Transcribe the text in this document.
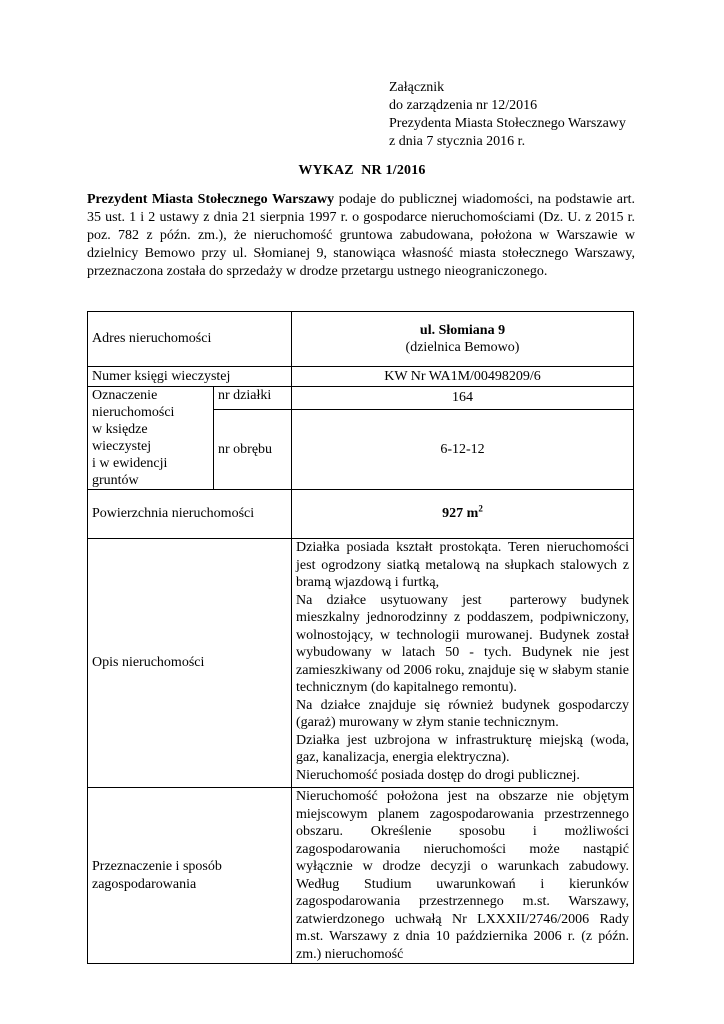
Załącznik
do zarządzenia nr 12/2016
Prezydenta Miasta Stołecznego Warszawy
z dnia 7 stycznia 2016 r.
WYKAZ  NR 1/2016
Prezydent Miasta Stołecznego Warszawy podaje do publicznej wiadomości, na podstawie art. 35 ust. 1 i 2 ustawy z dnia 21 sierpnia 1997 r. o gospodarce nieruchomościami (Dz. U. z 2015 r. poz. 782 z późn. zm.), że nieruchomość gruntowa zabudowana, położona w Warszawie w dzielnicy Bemowo przy ul. Słomianej 9, stanowiąca własność miasta stołecznego Warszawy, przeznaczona została do sprzedaży w drodze przetargu ustnego nieograniczonego.
Adres nieruchomości		ul. Słomiana 9
(dzielnica Bemowo)

Numer księgi wieczystej		KW Nr WA1M/00498209/6

Oznaczenie
nieruchomości
w księdze wieczystej
i w ewidencji
gruntów	nr działki	164
	nr obrębu	6-12-12
Powierzchnia nieruchomości		927 $m^2$
Opis nieruchomości		Działka posiada kształt prostokąta. Teren nieruchomości jest ogrodzony siatką metalową na słupkach stalowych z bramą wjazdową i furtką,
Na działce usytuowany jest  parterowy budynek mieszkalny jednorodzinny z poddaszem, podpiwniczony, wolnostojący, w technologii murowanej. Budynek został wybudowany w latach 50 - tych. Budynek nie jest zamieszkiwany od 2006 roku, znajduje się w słabym stanie technicznym (do kapitalnego remontu).
Na działce znajduje się również budynek gospodarczy (garaż) murowany w złym stanie technicznym.
Działka jest uzbrojona w infrastrukturę miejską (woda, gaz, kanalizacja, energia elektryczna).
Nieruchomość posiada dostęp do drogi publicznej.

Przeznaczenie i sposób
zagospodarowania		Nieruchomość położona jest na obszarze nie objętym miejscowym planem zagospodarowania przestrzennego obszaru. Określenie sposobu i możliwości zagospodarowania nieruchomości może nastąpić wyłącznie w drodze decyzji o warunkach zabudowy. Według Studium uwarunkowań i kierunków zagospodarowania przestrzennego m.st. Warszawy, zatwierdzonego uchwałą Nr LXXXII/2746/2006 Rady m.st. Warszawy z dnia 10 października 2006 r. (z późn. zm.) nieruchomość
